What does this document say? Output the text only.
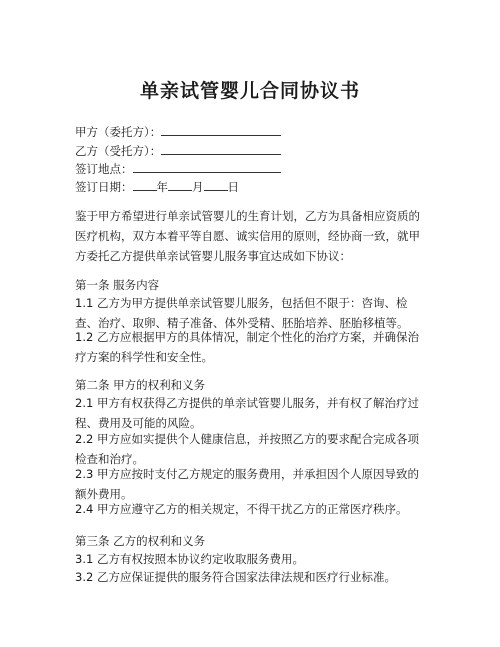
单亲试管婴儿合同协议书
甲方（委托方）：
乙方（受托方）：
签订地点：
签订日期： 年 月 日
鉴于甲方希望进行单亲试管婴儿的生育计划，乙方为具备相应资质的医疗机构，双方本着平等自愿、诚实信用的原则，经协商一致，就甲方委托乙方提供单亲试管婴儿服务事宜达成如下协议：
第一条 服务内容
1.1 乙方为甲方提供单亲试管婴儿服务，包括但不限于：咨询、检查、治疗、取卵、精子准备、体外受精、胚胎培养、胚胎移植等。
1.2 乙方应根据甲方的具体情况，制定个性化的治疗方案，并确保治疗方案的科学性和安全性。
第二条 甲方的权利和义务
2.1 甲方有权获得乙方提供的单亲试管婴儿服务，并有权了解治疗过程、费用及可能的风险。
2.2 甲方应如实提供个人健康信息，并按照乙方的要求配合完成各项检查和治疗。
2.3 甲方应按时支付乙方规定的服务费用，并承担因个人原因导致的额外费用。
2.4 甲方应遵守乙方的相关规定，不得干扰乙方的正常医疗秩序。
第三条 乙方的权利和义务
3.1 乙方有权按照本协议约定收取服务费用。
3.2 乙方应保证提供的服务符合国家法律法规和医疗行业标准。
